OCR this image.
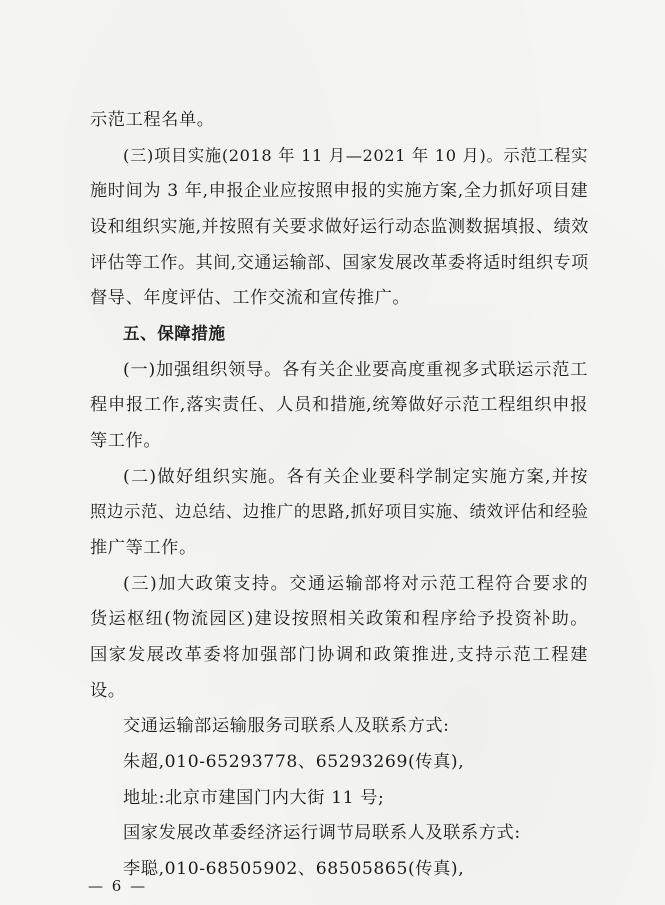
示范工程名单。
(三)项目实施(2018 年 11 月—2021 年 10 月)。示范工程实
施时间为 3 年,申报企业应按照申报的实施方案,全力抓好项目建
设和组织实施,并按照有关要求做好运行动态监测数据填报、绩效
评估等工作。其间,交通运输部、国家发展改革委将适时组织专项
督导、年度评估、工作交流和宣传推广。
五、保障措施
(一)加强组织领导。各有关企业要高度重视多式联运示范工
程申报工作,落实责任、人员和措施,统筹做好示范工程组织申报
等工作。
(二)做好组织实施。各有关企业要科学制定实施方案,并按
照边示范、边总结、边推广的思路,抓好项目实施、绩效评估和经验
推广等工作。
(三)加大政策支持。交通运输部将对示范工程符合要求的
货运枢纽(物流园区)建设按照相关政策和程序给予投资补助。
国家发展改革委将加强部门协调和政策推进,支持示范工程建
设。
交通运输部运输服务司联系人及联系方式:
朱超,010-65293778、65293269(传真),
地址:北京市建国门内大街 11 号;
国家发展改革委经济运行调节局联系人及联系方式:
李聪,010-68505902、68505865(传真),
— 6 —
